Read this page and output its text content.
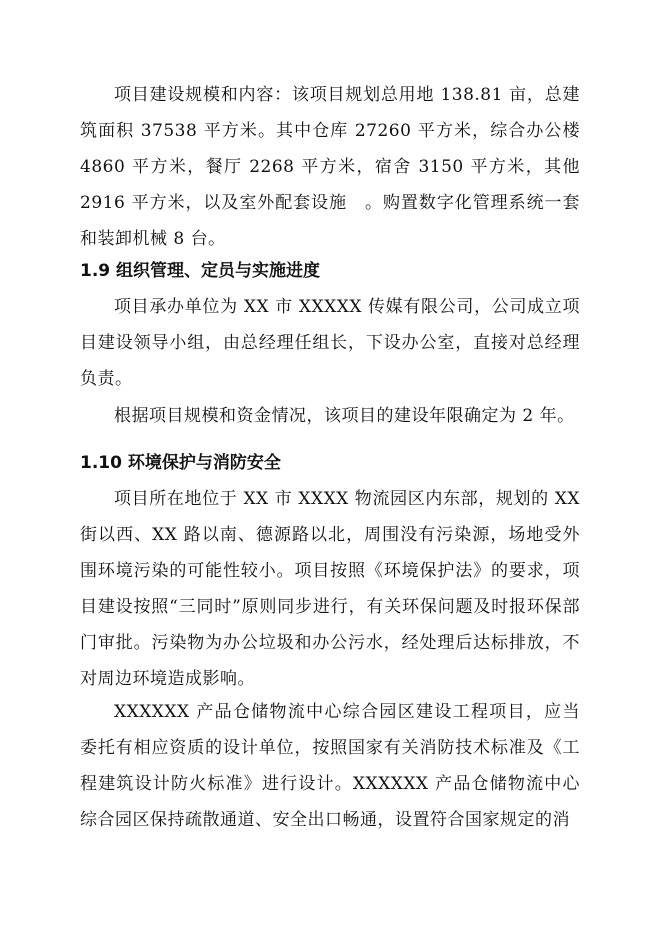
项目建设规模和内容：该项目规划总用地 138.81 亩，总建筑面积 37538 平方米。其中仓库 27260 平方米，综合办公楼 4860 平方米，餐厅 2268 平方米，宿舍 3150 平方米，其他 2916 平方米，以及室外配套设施　。购置数字化管理系统一套和装卸机械 8 台。

1.9 组织管理、定员与实施进度

项目承办单位为 XX 市 XXXXX 传媒有限公司，公司成立项目建设领导小组，由总经理任组长，下设办公室，直接对总经理负责。

根据项目规模和资金情况，该项目的建设年限确定为 2 年。

1.10 环境保护与消防安全

项目所在地位于 XX 市 XXXX 物流园区内东部，规划的 XX 街以西、XX 路以南、德源路以北，周围没有污染源，场地受外围环境污染的可能性较小。项目按照《环境保护法》的要求，项目建设按照“三同时”原则同步进行，有关环保问题及时报环保部门审批。污染物为办公垃圾和办公污水，经处理后达标排放，不对周边环境造成影响。

XXXXXX 产品仓储物流中心综合园区建设工程项目，应当委托有相应资质的设计单位，按照国家有关消防技术标准及《工程建筑设计防火标准》进行设计。XXXXXX 产品仓储物流中心综合园区保持疏散通道、安全出口畅通，设置符合国家规定的消
